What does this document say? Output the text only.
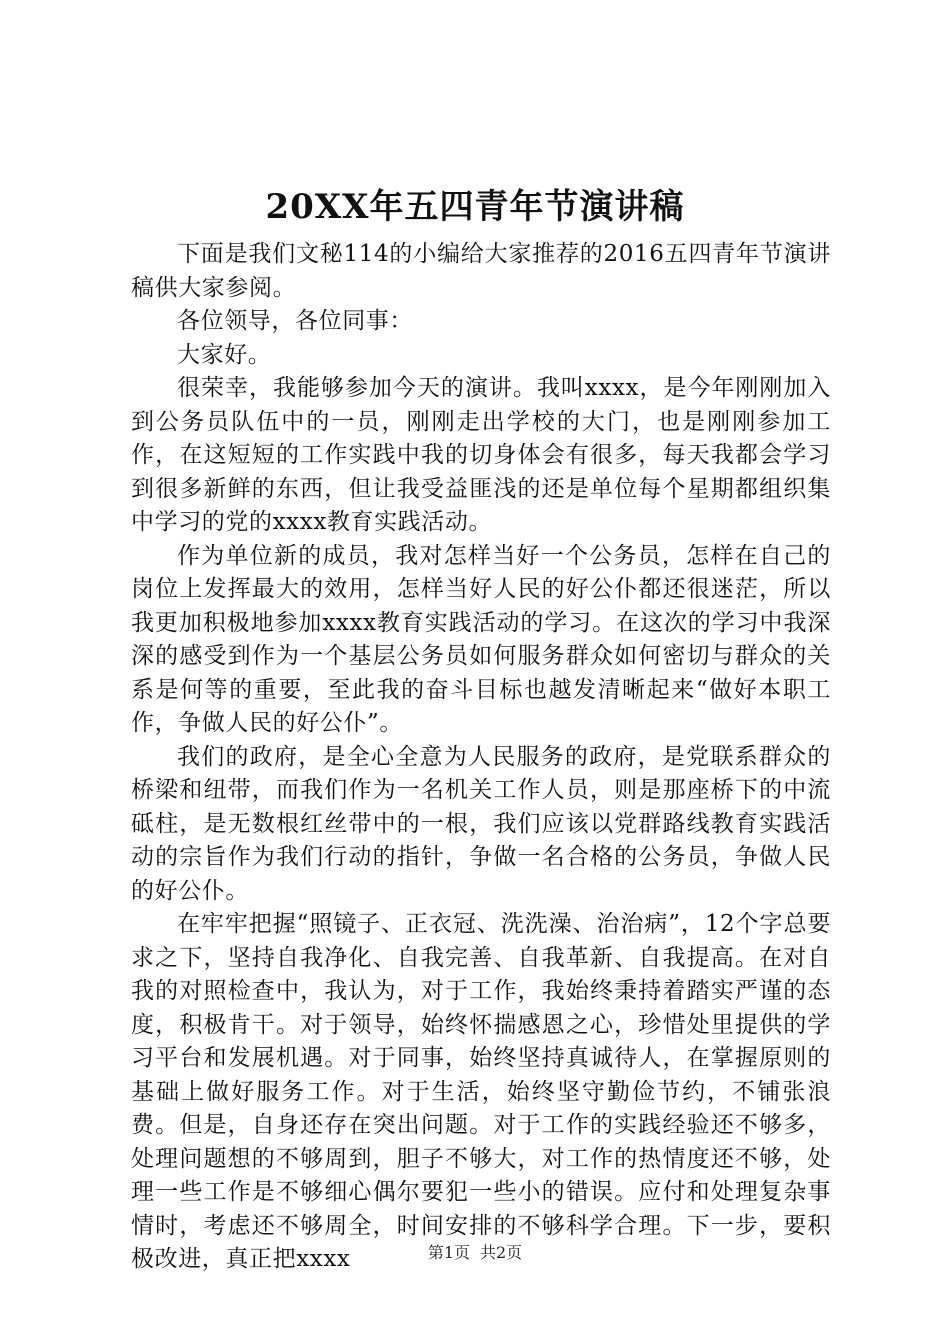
20XX年五四青年节演讲稿

下面是我们文秘114的小编给大家推荐的2016五四青年节演讲稿供大家参阅。

各位领导，各位同事：

大家好。

很荣幸，我能够参加今天的演讲。我叫xxxx，是今年刚刚加入到公务员队伍中的一员，刚刚走出学校的大门，也是刚刚参加工作，在这短短的工作实践中我的切身体会有很多，每天我都会学习到很多新鲜的东西，但让我受益匪浅的还是单位每个星期都组织集中学习的党的xxxx教育实践活动。

作为单位新的成员，我对怎样当好一个公务员，怎样在自己的岗位上发挥最大的效用，怎样当好人民的好公仆都还很迷茫，所以我更加积极地参加xxxx教育实践活动的学习。在这次的学习中我深深的感受到作为一个基层公务员如何服务群众如何密切与群众的关系是何等的重要，至此我的奋斗目标也越发清晰起来“做好本职工作，争做人民的好公仆”。

我们的政府，是全心全意为人民服务的政府，是党联系群众的桥梁和纽带，而我们作为一名机关工作人员，则是那座桥下的中流砥柱，是无数根红丝带中的一根，我们应该以党群路线教育实践活动的宗旨作为我们行动的指针，争做一名合格的公务员，争做人民的好公仆。

在牢牢把握“照镜子、正衣冠、洗洗澡、治治病”，12个字总要求之下，坚持自我净化、自我完善、自我革新、自我提高。在对自我的对照检查中，我认为，对于工作，我始终秉持着踏实严谨的态度，积极肯干。对于领导，始终怀揣感恩之心，珍惜处里提供的学习平台和发展机遇。对于同事，始终坚持真诚待人，在掌握原则的基础上做好服务工作。对于生活，始终坚守勤俭节约，不铺张浪费。但是，自身还存在突出问题。对于工作的实践经验还不够多，处理问题想的不够周到，胆子不够大，对工作的热情度还不够，处理一些工作是不够细心偶尔要犯一些小的错误。应付和处理复杂事情时，考虑还不够周全，时间安排的不够科学合理。下一步，要积极改进，真正把xxxx	第1页 共2页
